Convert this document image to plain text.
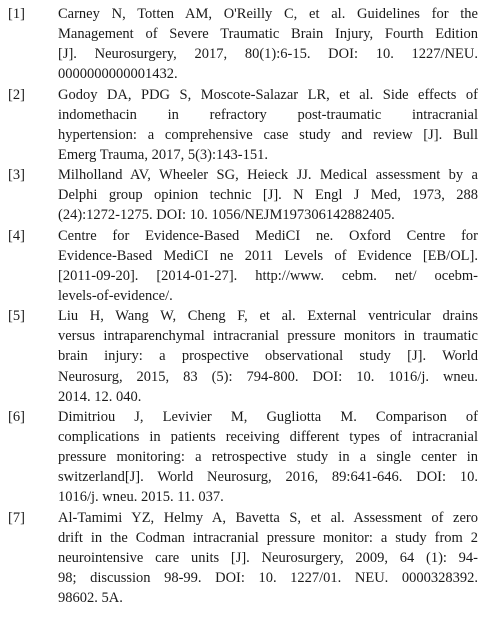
[1] Carney N, Totten AM, O'Reilly C, et al. Guidelines for the
Management of Severe Traumatic Brain Injury, Fourth Edition
[J]. Neurosurgery, 2017, 80(1):6-15. DOI: 10. 1227/NEU.
0000000000001432.
[2] Godoy DA, PDG S, Moscote-Salazar LR, et al. Side effects of
indomethacin in refractory post-traumatic intracranial
hypertension: a comprehensive case study and review [J]. Bull
Emerg Trauma, 2017, 5(3):143-151.
[3] Milholland AV, Wheeler SG, Heieck JJ. Medical assessment by a
Delphi group opinion technic [J]. N Engl J Med, 1973, 288
(24):1272-1275. DOI: 10. 1056/NEJM197306142882405.
[4] Centre for Evidence-Based MediCI ne. Oxford Centre for
Evidence-Based MediCI ne 2011 Levels of Evidence [EB/OL].
[2011-09-20]. [2014-01-27]. http://www. cebm. net/ ocebm-
levels-of-evidence/.
[5] Liu H, Wang W, Cheng F, et al. External ventricular drains
versus intraparenchymal intracranial pressure monitors in traumatic
brain injury: a prospective observational study [J]. World
Neurosurg, 2015, 83 (5): 794-800. DOI: 10. 1016/j. wneu.
2014. 12. 040.
[6] Dimitriou J, Levivier M, Gugliotta M. Comparison of
complications in patients receiving different types of intracranial
pressure monitoring: a retrospective study in a single center in
switzerland[J]. World Neurosurg, 2016, 89:641-646. DOI: 10.
1016/j. wneu. 2015. 11. 037.
[7] Al-Tamimi YZ, Helmy A, Bavetta S, et al. Assessment of zero
drift in the Codman intracranial pressure monitor: a study from 2
neurointensive care units [J]. Neurosurgery, 2009, 64 (1): 94-
98; discussion 98-99. DOI: 10. 1227/01. NEU. 0000328392.
98602. 5A.
